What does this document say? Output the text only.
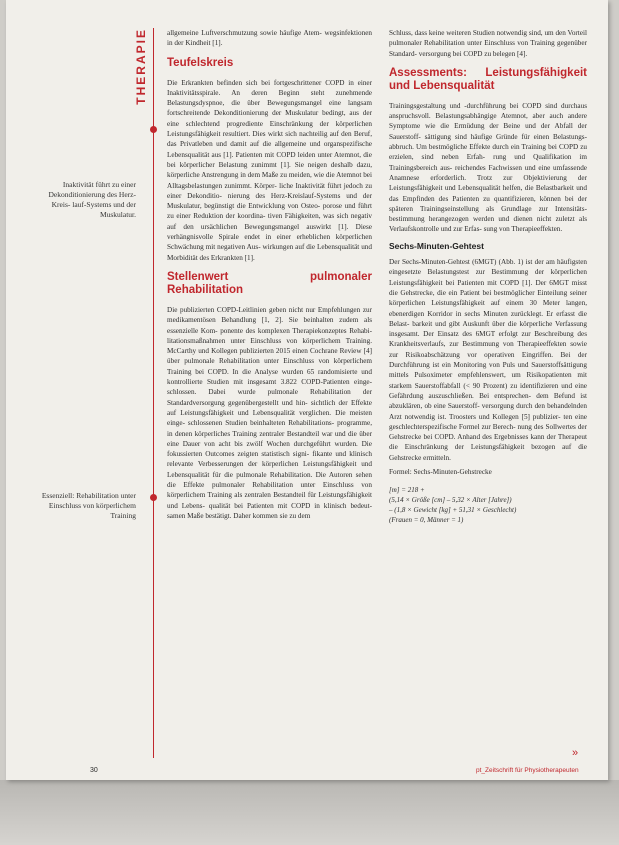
THERAPIE
Inaktivität führt zu einer Dekonditionierung des Herz-Kreis- lauf-Systems und der Muskulatur.
Essenziell: Rehabilitation unter Einschluss von körperlichem Training

allgemeine Luftverschmutzung sowie häufige Atem- wegsinfektionen in der Kindheit [1].

Teufelskreis

Die Erkrankten befinden sich bei fortgeschrittener COPD in einer Inaktivitätsspirale. An deren Beginn steht zunehmende Belastungsdyspnoe, die über Bewegungsmangel eine langsam fortschreitende Dekonditionierung der Muskulatur bedingt, aus der eine schlechtend progrediente Einschränkung der körperlichen Leistungsfähigkeit resultiert. Dies wirkt sich nachteilig auf den Beruf, das Privatleben und damit auf die allgemeine und organspezifische Lebensqualität aus [1]. Patienten mit COPD leiden unter Atemnot, die bei körperlicher Belastung zunimmt [1]. Sie neigen deshalb dazu, körperliche Anstrengung in dem Maße zu meiden, wie die Atemnot bei Alltagsbelastungen zunimmt. Körper- liche Inaktivität führt jedoch zu einer Dekonditio- nierung des Herz-Kreislauf-Systems und der Muskulatur, begünstigt die Entwicklung von Osteo- porose und führt zu einer Reduktion der koordina- tiven Fähigkeiten, was sich negativ auf den ursächlichen Bewegungsmangel auswirkt [1]. Diese verhängnisvolle Spirale endet in einer erheblichen körperlichen Schwächung mit negativen Aus- wirkungen auf die Lebensqualität und Morbidität des Erkrankten [1].

Stellenwert pulmonaler Rehabilitation

Die publizierten COPD-Leitlinien geben nicht nur Empfehlungen zur medikamentösen Behandlung [1, 2]. Sie beinhalten zudem als essenzielle Kom- ponente des komplexen Therapiekonzeptes Rehabi- litationsmaßnahmen unter Einschluss von körperlichem Training. McCarthy und Kollegen publizierten 2015 einen Cochrane Review [4] über pulmonale Rehabilitation unter Einschluss von körperlichem Training bei COPD. In die Analyse wurden 65 randomisierte und kontrollierte Studien mit insgesamt 3.822 COPD-Patienten einge- schlossen. Dabei wurde pulmonale Rehabilitation der Standardversorgung gegenübergestellt und hin- sichtlich der Effekte auf Leistungsfähigkeit und Lebensqualität verglichen. Die meisten einge- schlossenen Studien beinhalteten Rehabilitations- programme, in denen körperliches Training zentraler Bestandteil war und die über eine Dauer von acht bis zwölf Wochen durchgeführt wurden. Die fokussierten Outcomes zeigten statistisch signi- fikante und klinisch relevante Verbesserungen der körperlichen Leistungsfähigkeit und Lebensqualität für die pulmonale Rehabilitation. Die Autoren sehen die Effekte pulmonaler Rehabilitation unter Einschluss von körperlichem Training als zentralen Bestandteil für Leistungsfähigkeit und Lebens- qualität bei Patienten mit COPD in klinisch bedeut- samen Maße bestätigt. Daher kommen sie zu dem

Schluss, dass keine weiteren Studien notwendig sind, um den Vorteil pulmonaler Rehabilitation unter Einschluss von Training gegenüber Standard- versorgung bei COPD zu belegen [4].

Assessments: Leistungsfähigkeit und Lebensqualität

Trainingsgestaltung und -durchführung bei COPD sind durchaus anspruchsvoll. Belastungsabhängige Atemnot, aber auch andere Symptome wie die Ermüdung der Beine und der Abfall der Sauerstoff- sättigung sind häufige Gründe für einen Belastungs- abbruch. Um bestmögliche Effekte durch ein Training bei COPD zu erzielen, sind neben Erfah- rung und Qualifikation im Trainingsbereich aus- reichendes Fachwissen und eine umfassende Anamnese erforderlich. Trotz zur Objektivierung der Leistungsfähigkeit und Lebensqualität helfen, die Belastbarkeit und das Empfinden des Patienten zu quantifizieren, können bei der späteren Trainingseinstellung als Grundlage zur Intensitäts- bestimmung herangezogen werden und dienen nicht zuletzt als Verlaufskontrolle und zur Erfas- sung von Therapieeffekten.

Sechs-Minuten-Gehtest

Der Sechs-Minuten-Gehtest (6MGT) (Abb. 1) ist der am häufigsten eingesetzte Belastungstest zur Bestimmung der körperlichen Leistungsfähigkeit bei Patienten mit COPD [1]. Der 6MGT misst die Gehstrecke, die ein Patient bei bestmöglicher Einteilung seiner körperlichen Leistungsfähigkeit auf einem 30 Meter langen, ebenerdigen Korridor in sechs Minuten zurücklegt. Er erfasst die Belast- barkeit und gibt Auskunft über die körperliche Verfassung insgesamt. Der Einsatz des 6MGT erfolgt zur Beschreibung des Krankheitsverlaufs, zur Bestimmung von Therapieeffekten sowie zur Risikoabschätzung vor operativen Eingriffen. Bei der Durchführung ist ein Monitoring von Puls und Sauerstoffsättigung mittels Pulsoximeter empfehlenswert, um Risikopatienten mit starkem Sauerstoffabfall (< 90 Prozent) zu identifizieren und eine Gefährdung auszuschließen. Bei entsprechen- dem Befund ist abzuklären, ob eine Sauerstoff- versorgung durch den behandelnden Arzt notwendig ist. Troosters und Kollegen [5] publizier- ten eine geschlechterspezifische Formel zur Berech- nung des Sollwertes der Gehstrecke bei COPD. Anhand des Ergebnisses kann der Therapeut die Einschränkung der Leistungsfähigkeit bezogen auf die Gehstrecke ermitteln.

Formel: Sechs-Minuten-Gehstrecke

[m] = 218 +
(5,14 × Größe [cm] – 5,32 × Alter [Jahre])
– (1,8 × Gewicht [kg] + 51,31 × Geschlecht)
(Frauen = 0, Männer = 1)
30
»
pt_Zeitschrift für Physiotherapeuten
